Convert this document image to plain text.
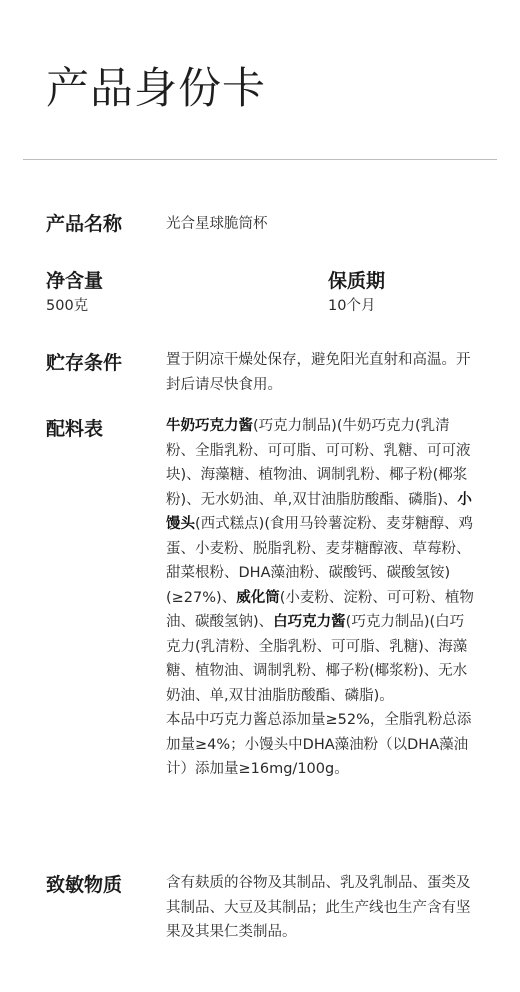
产品身份卡
产品名称	光合星球脆筒杯
净含量
500克
保质期
10个月
贮存条件	置于阴凉干燥处保存，避免阳光直射和高温。开封后请尽快食用。
配料表	牛奶巧克力酱(巧克力制品)(牛奶巧克力(乳清粉、全脂乳粉、可可脂、可可粉、乳糖、可可液块)、海藻糖、植物油、调制乳粉、椰子粉(椰浆粉)、无水奶油、单,双甘油脂肪酸酯、磷脂)、小馒头(西式糕点)(食用马铃薯淀粉、麦芽糖醇、鸡蛋、小麦粉、脱脂乳粉、麦芽糖醇液、草莓粉、甜菜根粉、DHA藻油粉、碳酸钙、碳酸氢铵)(≥27%)、威化筒(小麦粉、淀粉、可可粉、植物油、碳酸氢钠)、白巧克力酱(巧克力制品)(白巧克力(乳清粉、全脂乳粉、可可脂、乳糖)、海藻糖、植物油、调制乳粉、椰子粉(椰浆粉)、无水奶油、单,双甘油脂肪酸酯、磷脂)。

本品中巧克力酱总添加量≥52%，全脂乳粉总添加量≥4%；小馒头中DHA藻油粉（以DHA藻油计）添加量≥16mg/100g。

致敏物质	含有麸质的谷物及其制品、乳及乳制品、蛋类及其制品、大豆及其制品；此生产线也生产含有坚果及其果仁类制品。
